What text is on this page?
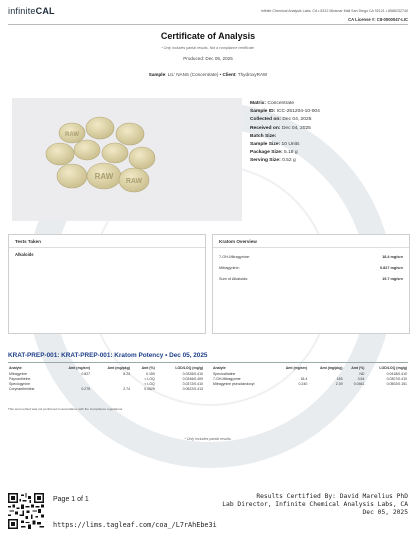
infiniteCAL	Infinite Chemical Analysis Labs, CA • 8312 Miramar Mall San Diego CA 92121 • 8586232740
CA License #: C8-0000047-LIC
Certificate of Analysis
* Only includes partial results. Not a compliance certificate.
Produced: Dec 05, 2025
Sample: LIL' NANS (Concentrate) • Client: ThydroxyRAW
RAW
RAW
RAW
Matrix: Concentrate
Sample ID: ICC-251204-10-004
Collected on: Dec 04, 2025
Received on: Dec 04, 2025
Batch Size:
Sample Size: 10 Units
Package Size: 5.18 g
Serving Size: 0.52 g
Tests Taken
Alkaloids
Kratom Overview
7-OH-Mitragynine:	18.4 mg/srv
Mitragynine:	0.827 mg/srv
Sum of Alkaloids:	19.7 mg/srv
KRAT-PREP-001: KRAT-PREP-001: Kratom Potency • Dec 05, 2025
Analyte	Amt (mg/srv)	Amt (mg/pkg)	Amt (%)	LOD/LOQ (mg/g)
Mitragynine	0.827	8.24	0.159	0.0326/0.410
Paynantheine			< LOQ	0.0246/0.409
Speciogynine			< LOQ	0.0372/0.410
Corynantheidine	0.275	2.74	0.0529	0.0522/0.413
Analyte	Amt (mg/srv)	Amt (mg/pkg)	Amt (%)	LOD/LOQ (mg/g)
Speciociliatine			ND	0.0418/0.410
7-OH-Mitragynine	18.4	183	3.54	0.0307/0.410
Mitragynine pseudoindoxyl	0.240	2.39	0.0461	0.0502/0.151
This test method was not performed in accordance with the Compliance regulations.
* Only includes partial results.
Page 1 of 1
https://lims.tagleaf.com/coa_/L7rAhEbe3i
Results Certified By: David Marelius PhD
Lab Director, Infinite Chemical Analysis Labs, CA
Dec 05, 2025
